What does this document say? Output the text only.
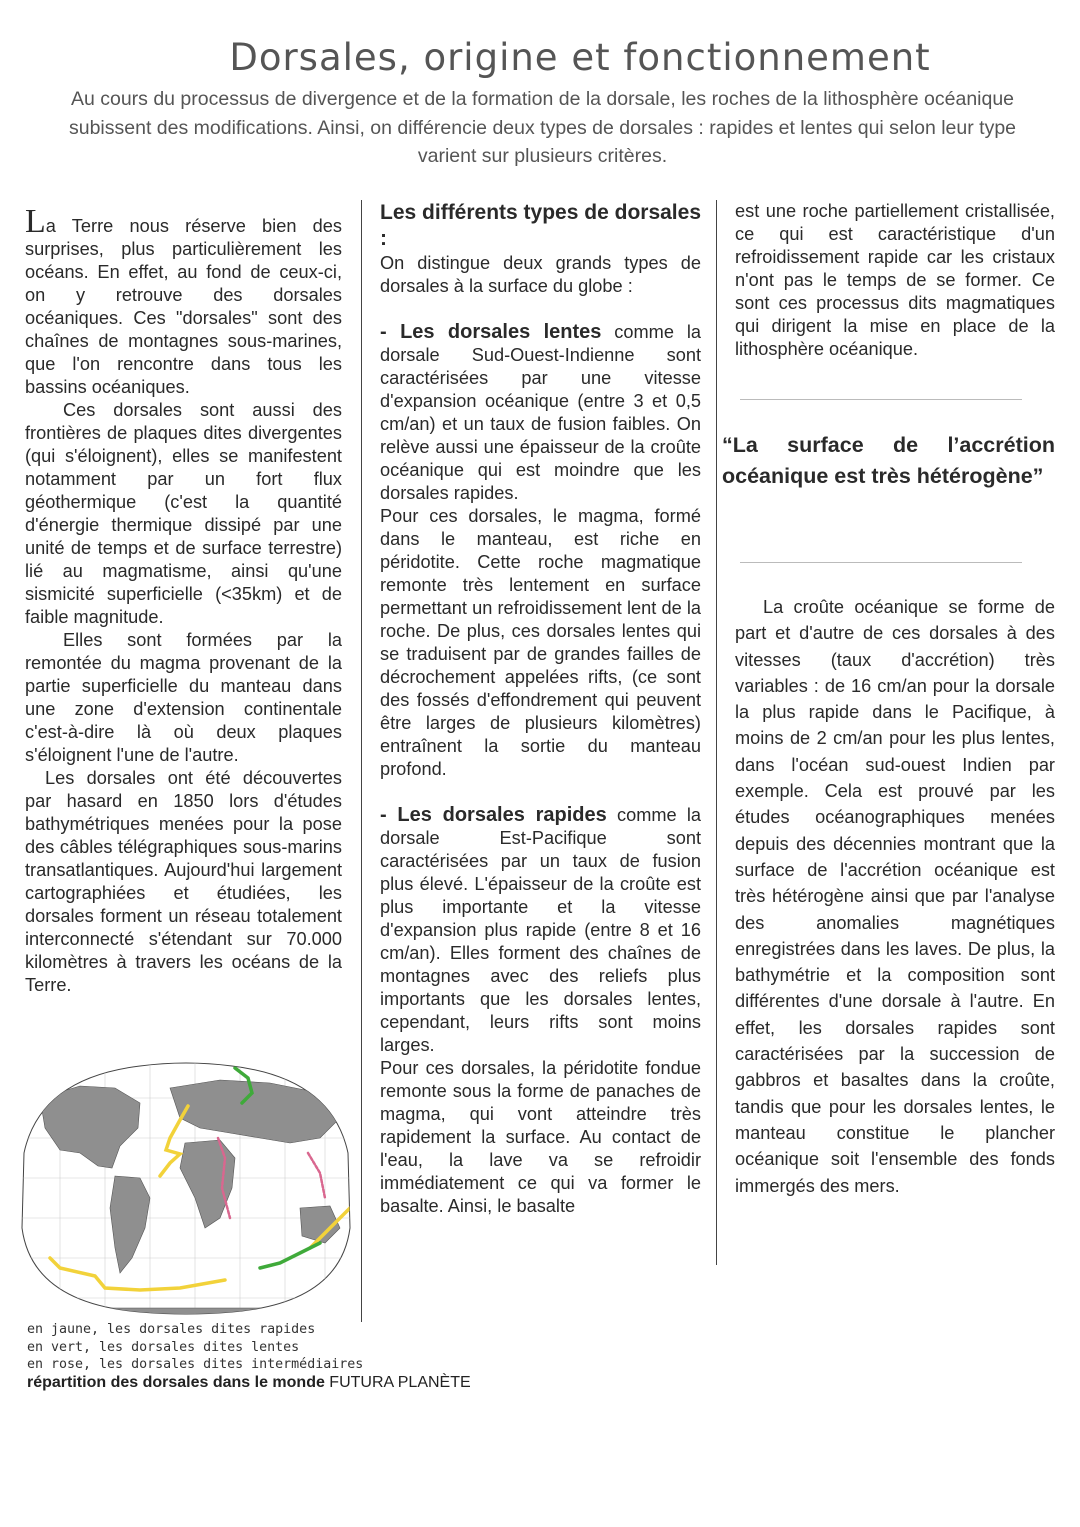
Dorsales, origine et fonctionnement
Au cours du processus de divergence et de la formation de la dorsale, les roches de la lithosphère océanique subissent des modifications. Ainsi, on différencie deux types de dorsales : rapides et lentes qui selon leur type varient sur plusieurs critères.

La Terre nous réserve bien des surprises, plus particulièrement les océans. En effet, au fond de ceux-ci, on y retrouve des dorsales océaniques. Ces "dorsales" sont des chaînes de montagnes sous-marines, que l'on rencontre dans tous les bassins océaniques.

Ces dorsales sont aussi des frontières de plaques dites divergentes (qui s'éloignent), elles se manifestent notamment par un fort flux géothermique (c'est la quantité d'énergie thermique dissipé par une unité de temps et de surface terrestre) lié au magmatisme, ainsi qu'une sismicité superficielle (<35km) et de faible magnitude.

Elles sont formées par la remontée du magma provenant de la partie superficielle du manteau dans une zone d'extension continentale c'est-à-dire là où deux plaques s'éloignent l'une de l'autre.

Les dorsales ont été découvertes par hasard en 1850 lors d'études bathymétriques menées pour la pose des câbles télégraphiques sous-marins transatlantiques. Aujourd'hui largement cartographiées et étudiées, les dorsales forment un réseau totalement interconnecté s'étendant sur 70.000 kilomètres à travers les océans de la Terre.

Les différents types de dorsales :

On distingue deux grands types de dorsales à la surface du globe :

- Les dorsales lentes comme la dorsale Sud-Ouest-Indienne sont caractérisées par une vitesse d'expansion océanique (entre 3 et 0,5 cm/an) et un taux de fusion faibles. On relève aussi une épaisseur de la croûte océanique qui est moindre que les dorsales rapides.

Pour ces dorsales, le magma, formé dans le manteau, est riche en péridotite. Cette roche magmatique remonte très lentement en surface permettant un refroidissement lent de la roche. De plus, ces dorsales lentes qui se traduisent par de grandes failles de décrochement appelées rifts, (ce sont des fossés d'effondrement qui peuvent être larges de plusieurs kilomètres) entraînent la sortie du manteau profond.

- Les dorsales rapides comme la dorsale Est-Pacifique sont caractérisées par un taux de fusion plus élevé. L'épaisseur de la croûte est plus importante et la vitesse d'expansion plus rapide (entre 8 et 16 cm/an). Elles forment des chaînes de montagnes avec des reliefs plus importants que les dorsales lentes, cependant, leurs rifts sont moins larges.

Pour ces dorsales, la péridotite fondue remonte sous la forme de panaches de magma, qui vont atteindre très rapidement la surface. Au contact de l'eau, la lave va se refroidir immédiatement ce qui va former le basalte. Ainsi, le basalte

est une roche partiellement cristallisée, ce qui est caractéristique d'un refroidissement rapide car les cristaux n'ont pas le temps de se former. Ce sont ces processus dits magmatiques qui dirigent la mise en place de la lithosphère océanique.

“La surface de l’accrétion océanique est très hétérogène”

La croûte océanique se forme de part et d'autre de ces dorsales à des vitesses (taux d'accrétion) très variables : de 16 cm/an pour la dorsale la plus rapide dans le Pacifique, à moins de 2 cm/an pour les plus lentes, dans l'océan sud-ouest Indien par exemple. Cela est prouvé par les études océanographiques menées depuis des décennies montrant que la surface de l'accrétion océanique est très hétérogène ainsi que par l'analyse des anomalies magnétiques enregistrées dans les laves. De plus, la bathymétrie et la composition sont différentes d'une dorsale à l'autre. En effet, les dorsales rapides sont caractérisées par la succession de gabbros et basaltes dans la croûte, tandis que pour les dorsales lentes, le manteau constitue le plancher océanique soit l'ensemble des fonds immergés des mers.

en jaune, les dorsales dites rapides
en vert, les dorsales dites lentes
en rose, les dorsales dites intermédiaires
répartition des dorsales dans le monde FUTURA PLANÈTE
